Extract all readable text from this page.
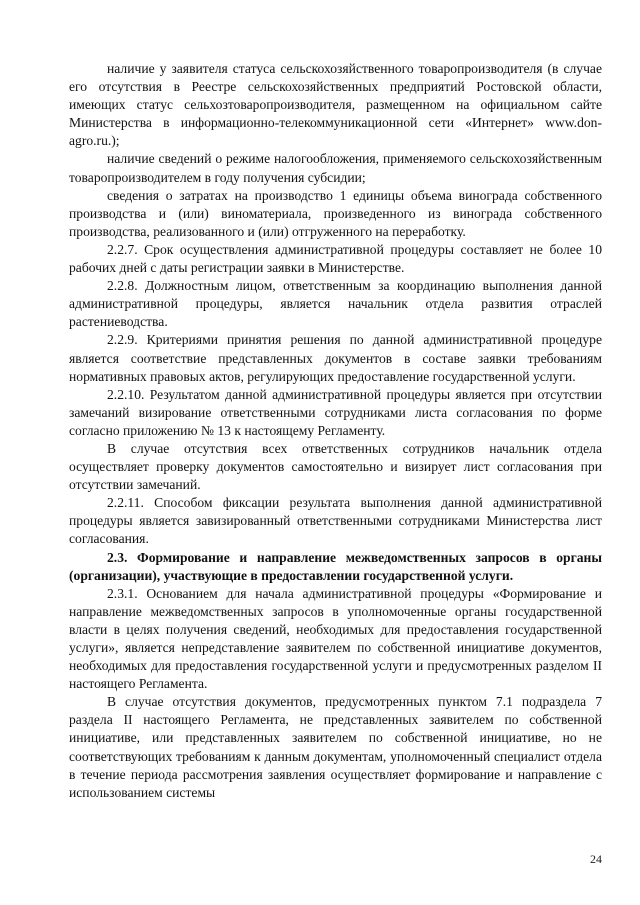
наличие у заявителя статуса сельскохозяйственного товаропроизводителя (в случае его отсутствия в Реестре сельскохозяйственных предприятий Ростовской области, имеющих статус сельхозтоваропроизводителя, размещенном на официальном сайте Министерства в информационно-телекоммуникационной сети «Интернет» www.don-agro.ru.);

наличие сведений о режиме налогообложения, применяемого сельскохозяйственным товаропроизводителем в году получения субсидии;

сведения о затратах на производство 1 единицы объема винограда собственного производства и (или) виноматериала, произведенного из винограда собственного производства, реализованного и (или) отгруженного на переработку.

2.2.7. Срок осуществления административной процедуры составляет не более 10 рабочих дней с даты регистрации заявки в Министерстве.

2.2.8. Должностным лицом, ответственным за координацию выполнения данной административной процедуры, является начальник отдела развития отраслей растениеводства.

2.2.9. Критериями принятия решения по данной административной процедуре является соответствие представленных документов в составе заявки требованиям нормативных правовых актов, регулирующих предоставление государственной услуги.

2.2.10. Результатом данной административной процедуры является при отсутствии замечаний визирование ответственными сотрудниками листа согласования по форме согласно приложению № 13 к настоящему Регламенту.

В случае отсутствия всех ответственных сотрудников начальник отдела осуществляет проверку документов самостоятельно и визирует лист согласования при отсутствии замечаний.

2.2.11. Способом фиксации результата выполнения данной административной процедуры является завизированный ответственными сотрудниками Министерства лист согласования.

2.3. Формирование и направление межведомственных запросов в органы (организации), участвующие в предоставлении государственной услуги.

2.3.1. Основанием для начала административной процедуры «Формирование и направление межведомственных запросов в уполномоченные органы государственной власти в целях получения сведений, необходимых для предоставления государственной услуги», является непредставление заявителем по собственной инициативе документов, необходимых для предоставления государственной услуги и предусмотренных разделом II настоящего Регламента.

В случае отсутствия документов, предусмотренных пунктом 7.1 подраздела 7 раздела II настоящего Регламента, не представленных заявителем по собственной инициативе, или представленных заявителем по собственной инициативе, но не соответствующих требованиям к данным документам, уполномоченный специалист отдела в течение периода рассмотрения заявления осуществляет формирование и направление с использованием системы

24
